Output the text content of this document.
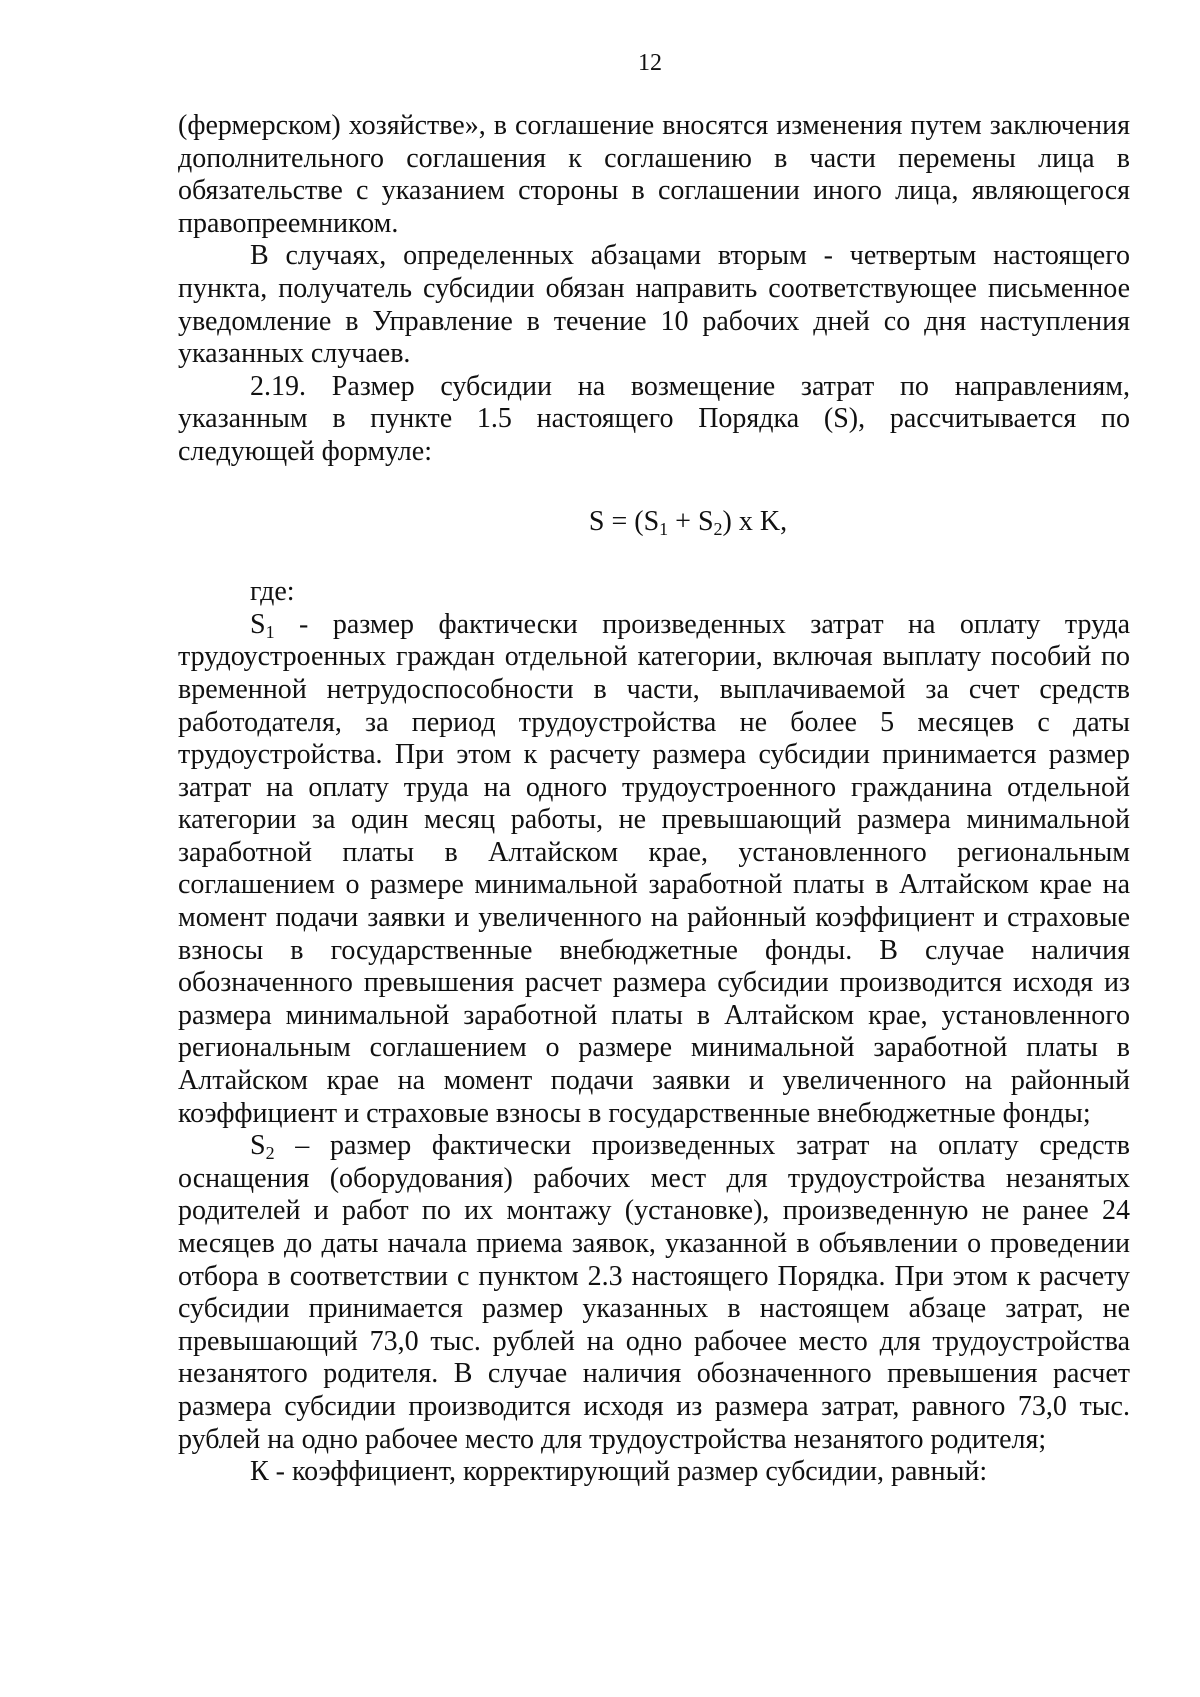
12

(фермерском) хозяйстве», в соглашение вносятся изменения путем заключения дополнительного соглашения к соглашению в части перемены лица в обязательстве с указанием стороны в соглашении иного лица, являющегося правопреемником.

В случаях, определенных абзацами вторым - четвертым настоящего пункта, получатель субсидии обязан направить соответствующее письменное уведомление в Управление в течение 10 рабочих дней со дня наступления указанных случаев.

2.19. Размер субсидии на возмещение затрат по направлениям, указанным в пункте 1.5 настоящего Порядка (S), рассчитывается по следующей формуле:

$S = (S_1 + S_2)$ x K,

где:

$S_1$ - размер фактически произведенных затрат на оплату труда трудоустроенных граждан отдельной категории, включая выплату пособий по временной нетрудоспособности в части, выплачиваемой за счет средств работодателя, за период трудоустройства не более 5 месяцев с даты трудоустройства. При этом к расчету размера субсидии принимается размер затрат на оплату труда на одного трудоустроенного гражданина отдельной категории за один месяц работы, не превышающий размера минимальной заработной платы в Алтайском крае, установленного региональным соглашением о размере минимальной заработной платы в Алтайском крае на момент подачи заявки и увеличенного на районный коэффициент и страховые взносы в государственные внебюджетные фонды. В случае наличия обозначенного превышения расчет размера субсидии производится исходя из размера минимальной заработной платы в Алтайском крае, установленного региональным соглашением о размере минимальной заработной платы в Алтайском крае на момент подачи заявки и увеличенного на районный коэффициент и страховые взносы в государственные внебюджетные фонды;

$S_2$ – размер фактически произведенных затрат на оплату средств оснащения (оборудования) рабочих мест для трудоустройства незанятых родителей и работ по их монтажу (установке), произведенную не ранее 24 месяцев до даты начала приема заявок, указанной в объявлении о проведении отбора в соответствии с пунктом 2.3 настоящего Порядка. При этом к расчету субсидии принимается размер указанных в настоящем абзаце затрат, не превышающий 73,0 тыс. рублей на одно рабочее место для трудоустройства незанятого родителя. В случае наличия обозначенного превышения расчет размера субсидии производится исходя из размера затрат, равного 73,0 тыс. рублей на одно рабочее место для трудоустройства незанятого родителя;

К - коэффициент, корректирующий размер субсидии, равный:
